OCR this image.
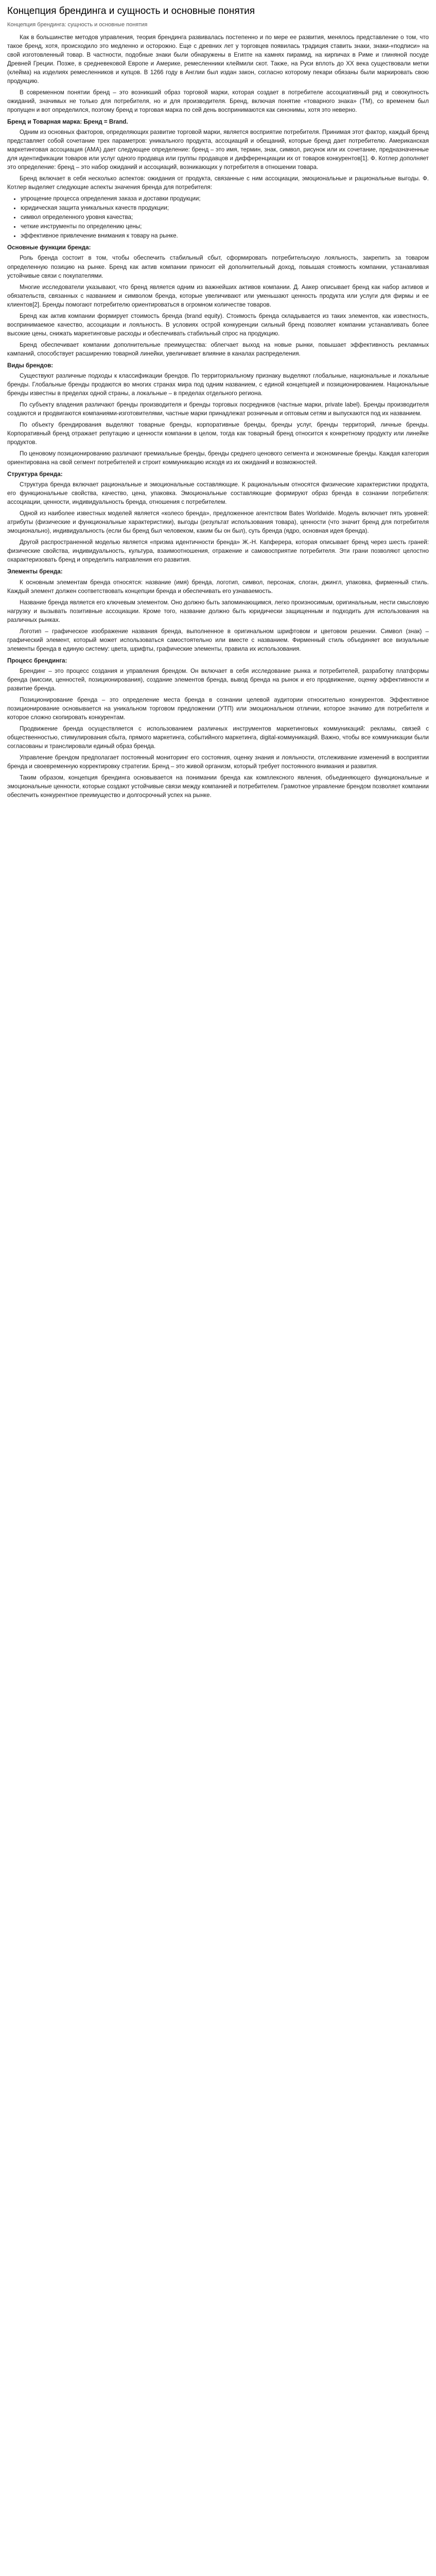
Концепция брендинга и сущность и основные понятия
Концепция брендинга: сущность и основные понятия

Как в большинстве методов управления, теория брендинга развивалась постепенно и по мере ее развития, менялось представление о том, что такое бренд, хотя, происходило это медленно и осторожно. Еще с древних лет у торговцев появилась традиция ставить знаки, знаки-«подписи» на свой изготовленный товар. В частности, подобные знаки были обнаружены в Египте на камнях пирамид, на кирпичах в Риме и глиняной посуде Древней Греции. Позже, в средневековой Европе и Америке, ремесленники клеймили скот. Также, на Руси вплоть до XX века существовали метки (клейма) на изделиях ремесленников и купцов. В 1266 году в Англии был издан закон, согласно которому пекари обязаны были маркировать свою продукцию.

В современном понятии бренд – это возникший образ торговой марки, которая создает в потребителе ассоциативный ряд и совокупность ожиданий, значимых не только для потребителя, но и для производителя. Бренд, включая понятие «товарного знака» (ТМ), со временем был пропущен и вот определился, поэтому бренд и торговая марка по сей день воспринимаются как синонимы, хотя это неверно.

Бренд и Товарная марка: Бренд = Brand.

Одним из основных факторов, определяющих развитие торговой марки, является восприятие потребителя. Принимая этот фактор, каждый бренд представляет собой сочетание трех параметров: уникального продукта, ассоциаций и обещаний, которые бренд дает потребителю. Американская маркетинговая ассоциация (АМА) дает следующее определение: бренд – это имя, термин, знак, символ, рисунок или их сочетание, предназначенные для идентификации товаров или услуг одного продавца или группы продавцов и дифференциации их от товаров конкурентов[1]. Ф. Котлер дополняет это определение: бренд – это набор ожиданий и ассоциаций, возникающих у потребителя в отношении товара.

Бренд включает в себя несколько аспектов: ожидания от продукта, связанные с ним ассоциации, эмоциональные и рациональные выгоды. Ф. Котлер выделяет следующие аспекты значения бренда для потребителя:

• упрощение процесса определения заказа и доставки продукции;
• юридическая защита уникальных качеств продукции;
• символ определенного уровня качества;
• четкие инструменты по определению цены;
• эффективное привлечение внимания к товару на рынке.
Основные функции бренда:

Роль бренда состоит в том, чтобы обеспечить стабильный сбыт, сформировать потребительскую лояльность, закрепить за товаром определенную позицию на рынке. Бренд как актив компании приносит ей дополнительный доход, повышая стоимость компании, устанавливая устойчивые связи с покупателями.

Многие исследователи указывают, что бренд является одним из важнейших активов компании. Д. Аакер описывает бренд как набор активов и обязательств, связанных с названием и символом бренда, которые увеличивают или уменьшают ценность продукта или услуги для фирмы и ее клиентов[2]. Бренды помогают потребителю ориентироваться в огромном количестве товаров.

Бренд как актив компании формирует стоимость бренда (brand equity). Стоимость бренда складывается из таких элементов, как известность, воспринимаемое качество, ассоциации и лояльность. В условиях острой конкуренции сильный бренд позволяет компании устанавливать более высокие цены, снижать маркетинговые расходы и обеспечивать стабильный спрос на продукцию.

Бренд обеспечивает компании дополнительные преимущества: облегчает выход на новые рынки, повышает эффективность рекламных кампаний, способствует расширению товарной линейки, увеличивает влияние в каналах распределения.

Виды брендов:

Существуют различные подходы к классификации брендов. По территориальному признаку выделяют глобальные, национальные и локальные бренды. Глобальные бренды продаются во многих странах мира под одним названием, с единой концепцией и позиционированием. Национальные бренды известны в пределах одной страны, а локальные – в пределах отдельного региона.

По субъекту владения различают бренды производителя и бренды торговых посредников (частные марки, private label). Бренды производителя создаются и продвигаются компаниями-изготовителями, частные марки принадлежат розничным и оптовым сетям и выпускаются под их названием.

По объекту брендирования выделяют товарные бренды, корпоративные бренды, бренды услуг, бренды территорий, личные бренды. Корпоративный бренд отражает репутацию и ценности компании в целом, тогда как товарный бренд относится к конкретному продукту или линейке продуктов.

По ценовому позиционированию различают премиальные бренды, бренды среднего ценового сегмента и экономичные бренды. Каждая категория ориентирована на свой сегмент потребителей и строит коммуникацию исходя из их ожиданий и возможностей.

Структура бренда:

Структура бренда включает рациональные и эмоциональные составляющие. К рациональным относятся физические характеристики продукта, его функциональные свойства, качество, цена, упаковка. Эмоциональные составляющие формируют образ бренда в сознании потребителя: ассоциации, ценности, индивидуальность бренда, отношения с потребителем.

Одной из наиболее известных моделей является «колесо бренда», предложенное агентством Bates Worldwide. Модель включает пять уровней: атрибуты (физические и функциональные характеристики), выгоды (результат использования товара), ценности (что значит бренд для потребителя эмоционально), индивидуальность (если бы бренд был человеком, каким бы он был), суть бренда (ядро, основная идея бренда).

Другой распространенной моделью является «призма идентичности бренда» Ж.-Н. Капферера, которая описывает бренд через шесть граней: физические свойства, индивидуальность, культура, взаимоотношения, отражение и самовосприятие потребителя. Эти грани позволяют целостно охарактеризовать бренд и определить направления его развития.

Элементы бренда:

К основным элементам бренда относятся: название (имя) бренда, логотип, символ, персонаж, слоган, джингл, упаковка, фирменный стиль. Каждый элемент должен соответствовать концепции бренда и обеспечивать его узнаваемость.

Название бренда является его ключевым элементом. Оно должно быть запоминающимся, легко произносимым, оригинальным, нести смысловую нагрузку и вызывать позитивные ассоциации. Кроме того, название должно быть юридически защищенным и подходить для использования на различных рынках.

Логотип – графическое изображение названия бренда, выполненное в оригинальном шрифтовом и цветовом решении. Символ (знак) – графический элемент, который может использоваться самостоятельно или вместе с названием. Фирменный стиль объединяет все визуальные элементы бренда в единую систему: цвета, шрифты, графические элементы, правила их использования.

Процесс брендинга:

Брендинг – это процесс создания и управления брендом. Он включает в себя исследование рынка и потребителей, разработку платформы бренда (миссии, ценностей, позиционирования), создание элементов бренда, вывод бренда на рынок и его продвижение, оценку эффективности и развитие бренда.

Позиционирование бренда – это определение места бренда в сознании целевой аудитории относительно конкурентов. Эффективное позиционирование основывается на уникальном торговом предложении (УТП) или эмоциональном отличии, которое значимо для потребителя и которое сложно скопировать конкурентам.

Продвижение бренда осуществляется с использованием различных инструментов маркетинговых коммуникаций: рекламы, связей с общественностью, стимулирования сбыта, прямого маркетинга, событийного маркетинга, digital-коммуникаций. Важно, чтобы все коммуникации были согласованы и транслировали единый образ бренда.

Управление брендом предполагает постоянный мониторинг его состояния, оценку знания и лояльности, отслеживание изменений в восприятии бренда и своевременную корректировку стратегии. Бренд – это живой организм, который требует постоянного внимания и развития.

Таким образом, концепция брендинга основывается на понимании бренда как комплексного явления, объединяющего функциональные и эмоциональные ценности, которые создают устойчивые связи между компанией и потребителем. Грамотное управление брендом позволяет компании обеспечить конкурентное преимущество и долгосрочный успех на рынке.
